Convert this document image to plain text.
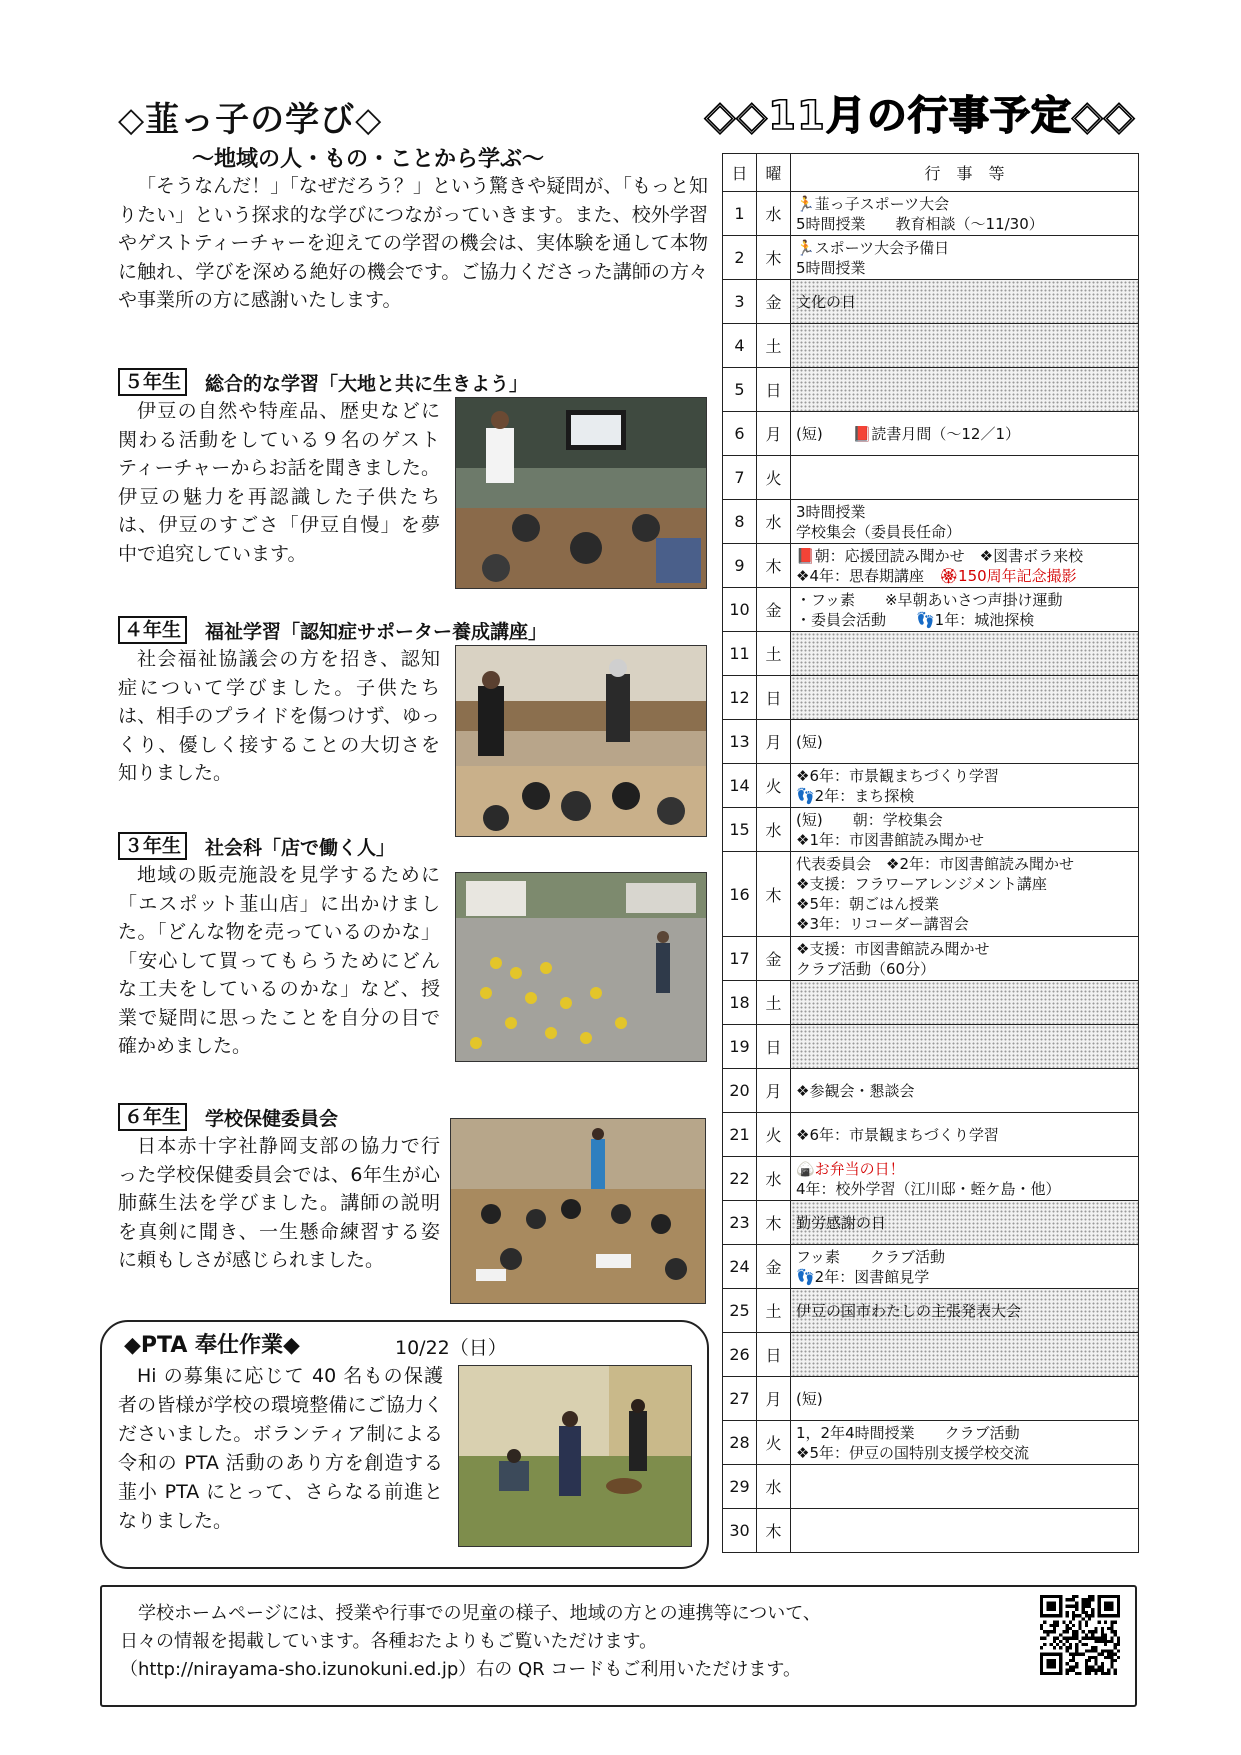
◇韮っ子の学び◇
～地域の人・もの・ことから学ぶ～

「そうなんだ！」「なぜだろう？」という驚きや疑問が、「もっと知りたい」という探求的な学びにつながっていきます。また、校外学習やゲストティーチャーを迎えての学習の機会は、実体験を通して本物に触れ、学びを深める絶好の機会です。ご協力くださった講師の方々や事業所の方に感謝いたします。

５年生	総合的な学習「大地と共に生きよう」

伊豆の自然や特産品、歴史などに関わる活動をしている９名のゲストティーチャーからお話を聞きました。伊豆の魅力を再認識した子供たちは、伊豆のすごさ「伊豆自慢」を夢中で追究しています。

４年生	福祉学習「認知症サポーター養成講座」

社会福祉協議会の方を招き、認知症について学びました。子供たちは、相手のプライドを傷つけず、ゆっくり、優しく接することの大切さを知りました。

３年生	社会科「店で働く人」

地域の販売施設を見学するために「エスポット韮山店」に出かけました。「どんな物を売っているのかな」「安心して買ってもらうためにどんな工夫をしているのかな」など、授業で疑問に思ったことを自分の目で確かめました。

６年生	学校保健委員会

日本赤十字社静岡支部の協力で行った学校保健委員会では、6年生が心肺蘇生法を学びました。講師の説明を真剣に聞き、一生懸命練習する姿に頼もしさが感じられました。

◆PTA 奉仕作業◆	10/22（日）

Hi の募集に応じて 40 名もの保護者の皆様が学校の環境整備にご協力くださいました。ボランティア制による令和の PTA 活動のあり方を創造する韮小 PTA にとって、さらなる前進となりました。

◇◇11月の行事予定◇◇
日	曜	行　事　等
1	水	🏃韮っ子スポーツ大会
5時間授業　　教育相談（～11/30）

2	木	🏃スポーツ大会予備日
5時間授業

3	金	文化の日

4	土	
5	日	
6	月	(短)　　📕読書月間（～12／1）

7	火	
8	水	3時間授業
学校集会（委員長任命）

9	木	📕朝：応援団読み聞かせ　❖図書ボラ来校
❖4年：思春期講座　🏵150周年記念撮影

10	金	・フッ素　　※早朝あいさつ声掛け運動
・委員会活動　　👣1年：城池探検

11	土	
12	日	
13	月	(短)

14	火	❖6年：市景観まちづくり学習
👣2年：まち探検

15	水	(短)　　朝：学校集会
❖1年：市図書館読み聞かせ

16	木	代表委員会　❖2年：市図書館読み聞かせ
❖支援：フラワーアレンジメント講座
❖5年：朝ごはん授業
❖3年：リコーダー講習会

17	金	❖支援：市図書館読み聞かせ
クラブ活動（60分）

18	土	
19	日	
20	月	❖参観会・懇談会

21	火	❖6年：市景観まちづくり学習

22	水	🍙お弁当の日！
4年：校外学習（江川邸・蛭ケ島・他）

23	木	勤労感謝の日

24	金	フッ素　　クラブ活動
👣2年：図書館見学

25	土	伊豆の国市わたしの主張発表大会

26	日	
27	月	(短)

28	火	1，2年4時間授業　　クラブ活動
❖5年：伊豆の国特別支援学校交流

29	水	
30	木	

学校ホームページには、授業や行事での児童の様子、地域の方との連携等について、

日々の情報を掲載しています。各種おたよりもご覧いただけます。

（http://nirayama-sho.izunokuni.ed.jp）右の QR コードもご利用いただけます。
